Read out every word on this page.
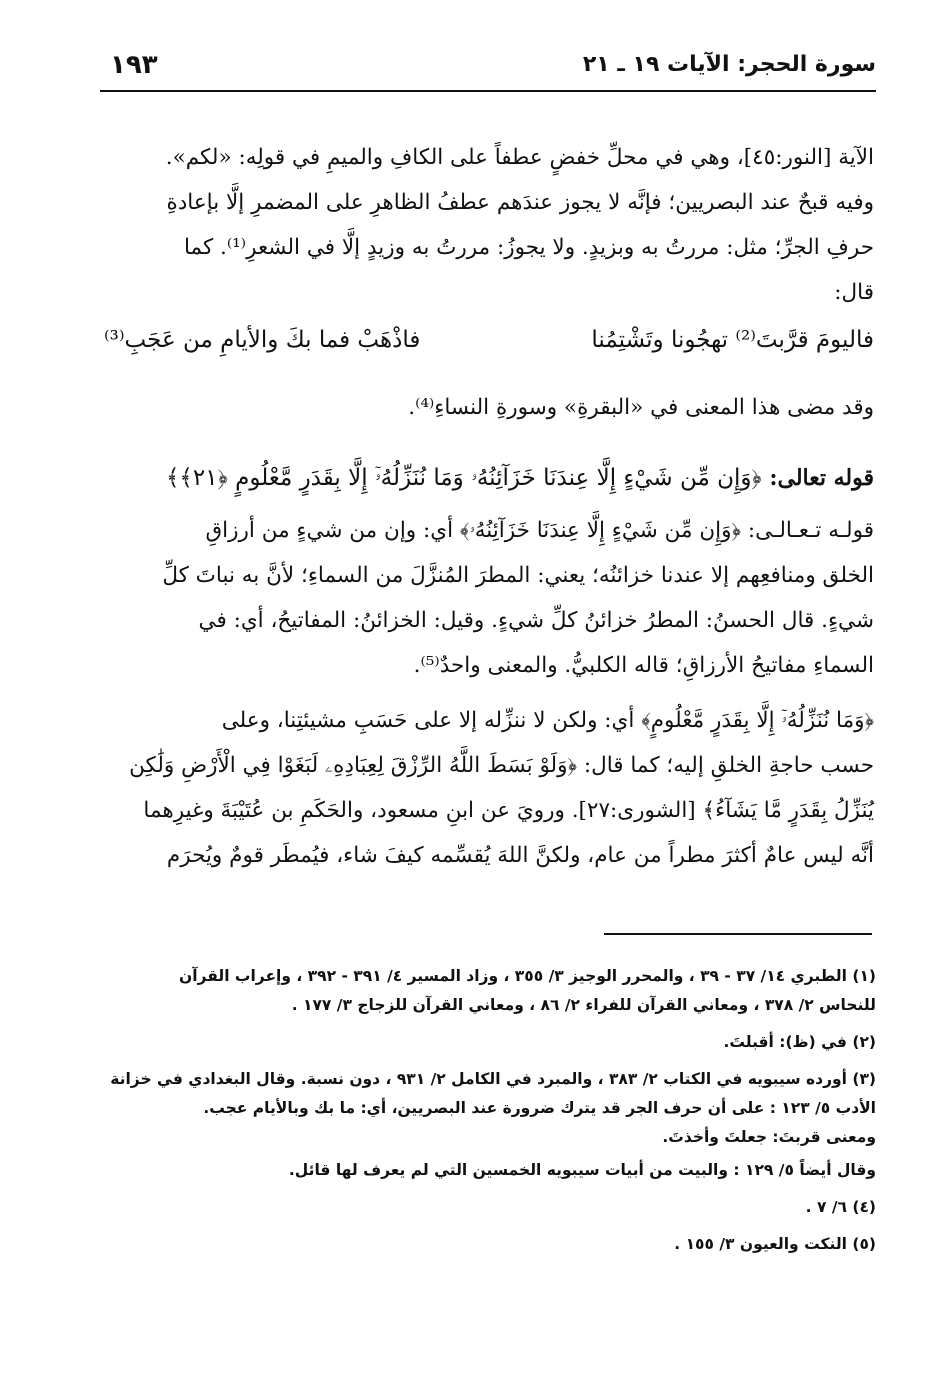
سورة الحجر: الآيات ١٩ ـ ٢١
١٩٣

الآية [النور:٤٥]، وهي في محلِّ خفضٍ عطفاً على الكافِ والميمِ في قولِه: «لكم».
وفيه قبحٌ عند البصريين؛ فإنَّه لا يجوز عندَهم عطفُ الظاهرِ على المضمرِ إلَّا بإعادةِ
حرفِ الجرِّ؛ مثل: مررتُ به وبزيدٍ. ولا يجوزُ: مررتُ به وزيدٍ إلَّا في الشعرِ⁽¹⁾. كما
قال:

فاليومَ قرَّبتَ⁽²⁾ تهجُونا وتَشْتِمُنا
فاذْهَبْ فما بكَ والأيامِ من عَجَبِ⁽³⁾

وقد مضى هذا المعنى في «البقرةِ» وسورةِ النساءِ⁽⁴⁾.

قوله تعالى: ﴿وَإِن مِّن شَيْءٍ إِلَّا عِندَنَا خَزَآئِنُهُۥ وَمَا نُنَزِّلُهُۥٓ إِلَّا بِقَدَرٍ مَّعْلُومٍ ﴿٢١﴾﴾

قولـه تـعـالـى: ﴿وَإِن مِّن شَيْءٍ إِلَّا عِندَنَا خَزَآئِنُهُۥ﴾ أي: وإن من شيءٍ من أرزاقِ
الخلق ومنافعِهم إلا عندنا خزائنُه؛ يعني: المطرَ المُنزَّلَ من السماءِ؛ لأنَّ به نباتَ كلِّ
شيءٍ. قال الحسنُ: المطرُ خزائنُ كلِّ شيءٍ. وقيل: الخزائنُ: المفاتيحُ، أي: في
السماءِ مفاتيحُ الأرزاقِ؛ قاله الكلبيُّ. والمعنى واحدٌ⁽⁵⁾.

﴿وَمَا نُنَزِّلُهُۥٓ إِلَّا بِقَدَرٍ مَّعْلُومٍ﴾ أي: ولكن لا ننزِّله إلا على حَسَبِ مشيئتِنا، وعلى
حسب حاجةِ الخلقِ إليه؛ كما قال: ﴿وَلَوْ بَسَطَ اللَّهُ الرِّزْقَ لِعِبَادِهِۦ لَبَغَوْا فِي الْأَرْضِ وَلَٰكِن
يُنَزِّلُ بِقَدَرٍ مَّا يَشَآءُ﴾ [الشورى:٢٧]. ورويَ عن ابنِ مسعود، والحَكَمِ بن عُتَيْبَةَ وغيرِهما
أنَّه ليس عامٌ أكثرَ مطراً من عام، ولكنَّ اللهَ يُقسِّمه كيفَ شاء، فيُمطَر قومٌ ويُحرَم

(١) الطبري ١٤/ ٣٧ - ٣٩ ، والمحرر الوجيز ٣/ ٣٥٥ ، وزاد المسير ٤/ ٣٩١ - ٣٩٢ ، وإعراب القرآن
للنحاس ٢/ ٣٧٨ ، ومعاني القرآن للفراء ٢/ ٨٦ ، ومعاني القرآن للزجاج ٣/ ١٧٧ .

(٢) في (ظ): أقبلتَ.

(٣) أورده سيبويه في الكتاب ٢/ ٣٨٣ ، والمبرد في الكامل ٢/ ٩٣١ ، دون نسبة. وقال البغدادي في خزانة
الأدب ٥/ ١٢٣ : على أن حرف الجر قد يترك ضرورة عند البصريين، أي: ما بك وبالأيام عجب.
ومعنى قربتَ: جعلتَ وأخذتَ.

وقال أيضاً ٥/ ١٢٩ : والبيت من أبيات سيبويه الخمسين التي لم يعرف لها قائل.

(٤) ٦/ ٧ .

(٥) النكت والعيون ٣/ ١٥٥ .
